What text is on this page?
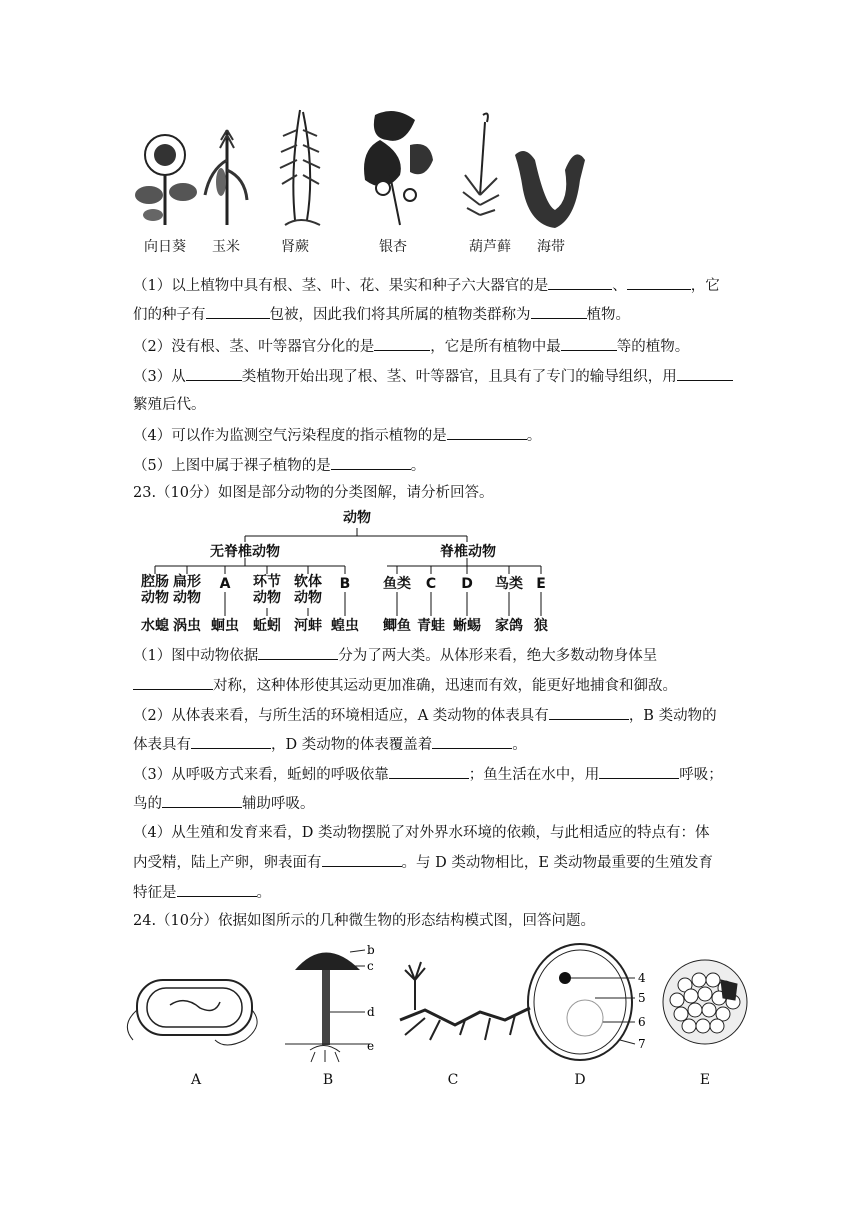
向日葵	玉米	肾蕨	银杏	葫芦藓	海带
（1）以上植物中具有根、茎、叶、花、果实和种子六大器官的是	、	，它
们的种子有	包被，因此我们将其所属的植物类群称为	植物。
（2）没有根、茎、叶等器官分化的是	，它是所有植物中最	等的植物。
（3）从	类植物开始出现了根、茎、叶等器官，且具有了专门的输导组织，用
繁殖后代。
（4）可以作为监测空气污染程度的指示植物的是	。
（5）上图中属于裸子植物的是	。
23.（10分）如图是部分动物的分类图解，请分析回答。
动物
无脊椎动物	脊椎动物
腔肠
动物
扁形
动物
A	环节
动物
软体
动物
B	鱼类	C	D	鸟类 E
水螅 涡虫 蛔虫	蚯蚓 河蚌 蝗虫	鲫鱼 青蛙 蜥蜴	家鸽 狼
（1）图中动物依据	分为了两大类。从体形来看，绝大多数动物身体呈
对称，这种体形使其运动更加准确，迅速而有效，能更好地捕食和御敌。
（2）从体表来看，与所生活的环境相适应，A 类动物的体表具有	，B 类动物的
体表具有	，D 类动物的体表覆盖着	。
（3）从呼吸方式来看，蚯蚓的呼吸依靠	；鱼生活在水中，用	呼吸；
鸟的	辅助呼吸。
（4）从生殖和发育来看，D 类动物摆脱了对外界水环境的依赖，与此相适应的特点有：体
内受精，陆上产卵，卵表面有	。与 D 类动物相比，E 类动物最重要的生殖发育
特征是	。
24.（10分）依据如图所示的几种微生物的形态结构模式图，回答问题。
b
c
d
e
4
5
6
7
A	B	C	D	E
